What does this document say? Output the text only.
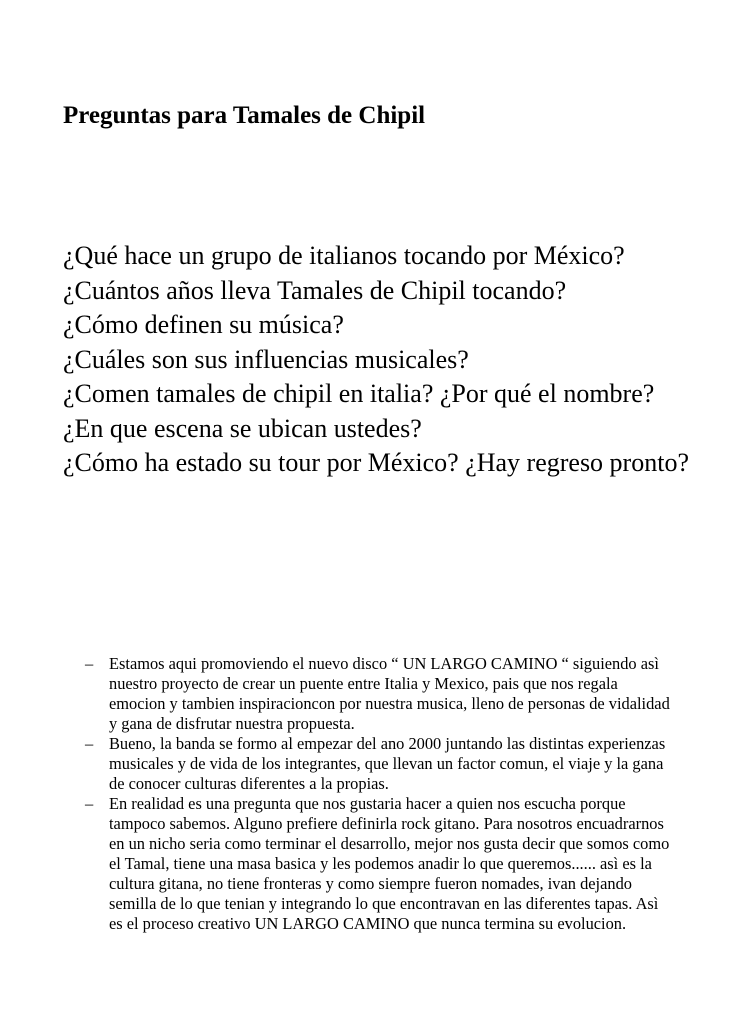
Preguntas para Tamales de Chipil
¿Qué hace un grupo de italianos tocando por México?
¿Cuántos años lleva Tamales de Chipil tocando?
¿Cómo definen su música?
¿Cuáles son sus influencias musicales?
¿Comen tamales de chipil en italia? ¿Por qué el nombre?
¿En que escena se ubican ustedes?
¿Cómo ha estado su tour por México? ¿Hay regreso pronto?
– Estamos aqui promoviendo el nuevo disco “ UN LARGO CAMINO “ siguiendo asì nuestro proyecto de crear un puente entre Italia y Mexico, pais que nos regala emocion y tambien inspiracioncon por nuestra musica, lleno de personas de vidalidad y gana de disfrutar nuestra propuesta.
– Bueno, la banda se formo al empezar del ano 2000 juntando las distintas experienzas musicales y de vida de los integrantes, que llevan un factor comun, el viaje y la gana de conocer culturas diferentes a la propias.
– En realidad es una pregunta que nos gustaria hacer a quien nos escucha porque tampoco sabemos. Alguno prefiere definirla rock gitano. Para nosotros encuadrarnos en un nicho seria como terminar el desarrollo, mejor nos gusta decir que somos como el Tamal, tiene una masa basica y les podemos anadir lo que queremos...... asì es la cultura gitana, no tiene fronteras y como siempre fueron nomades, ivan dejando semilla de lo que tenian y integrando lo que encontravan en las diferentes tapas. Asì es el proceso creativo UN LARGO CAMINO que nunca termina su evolucion.
